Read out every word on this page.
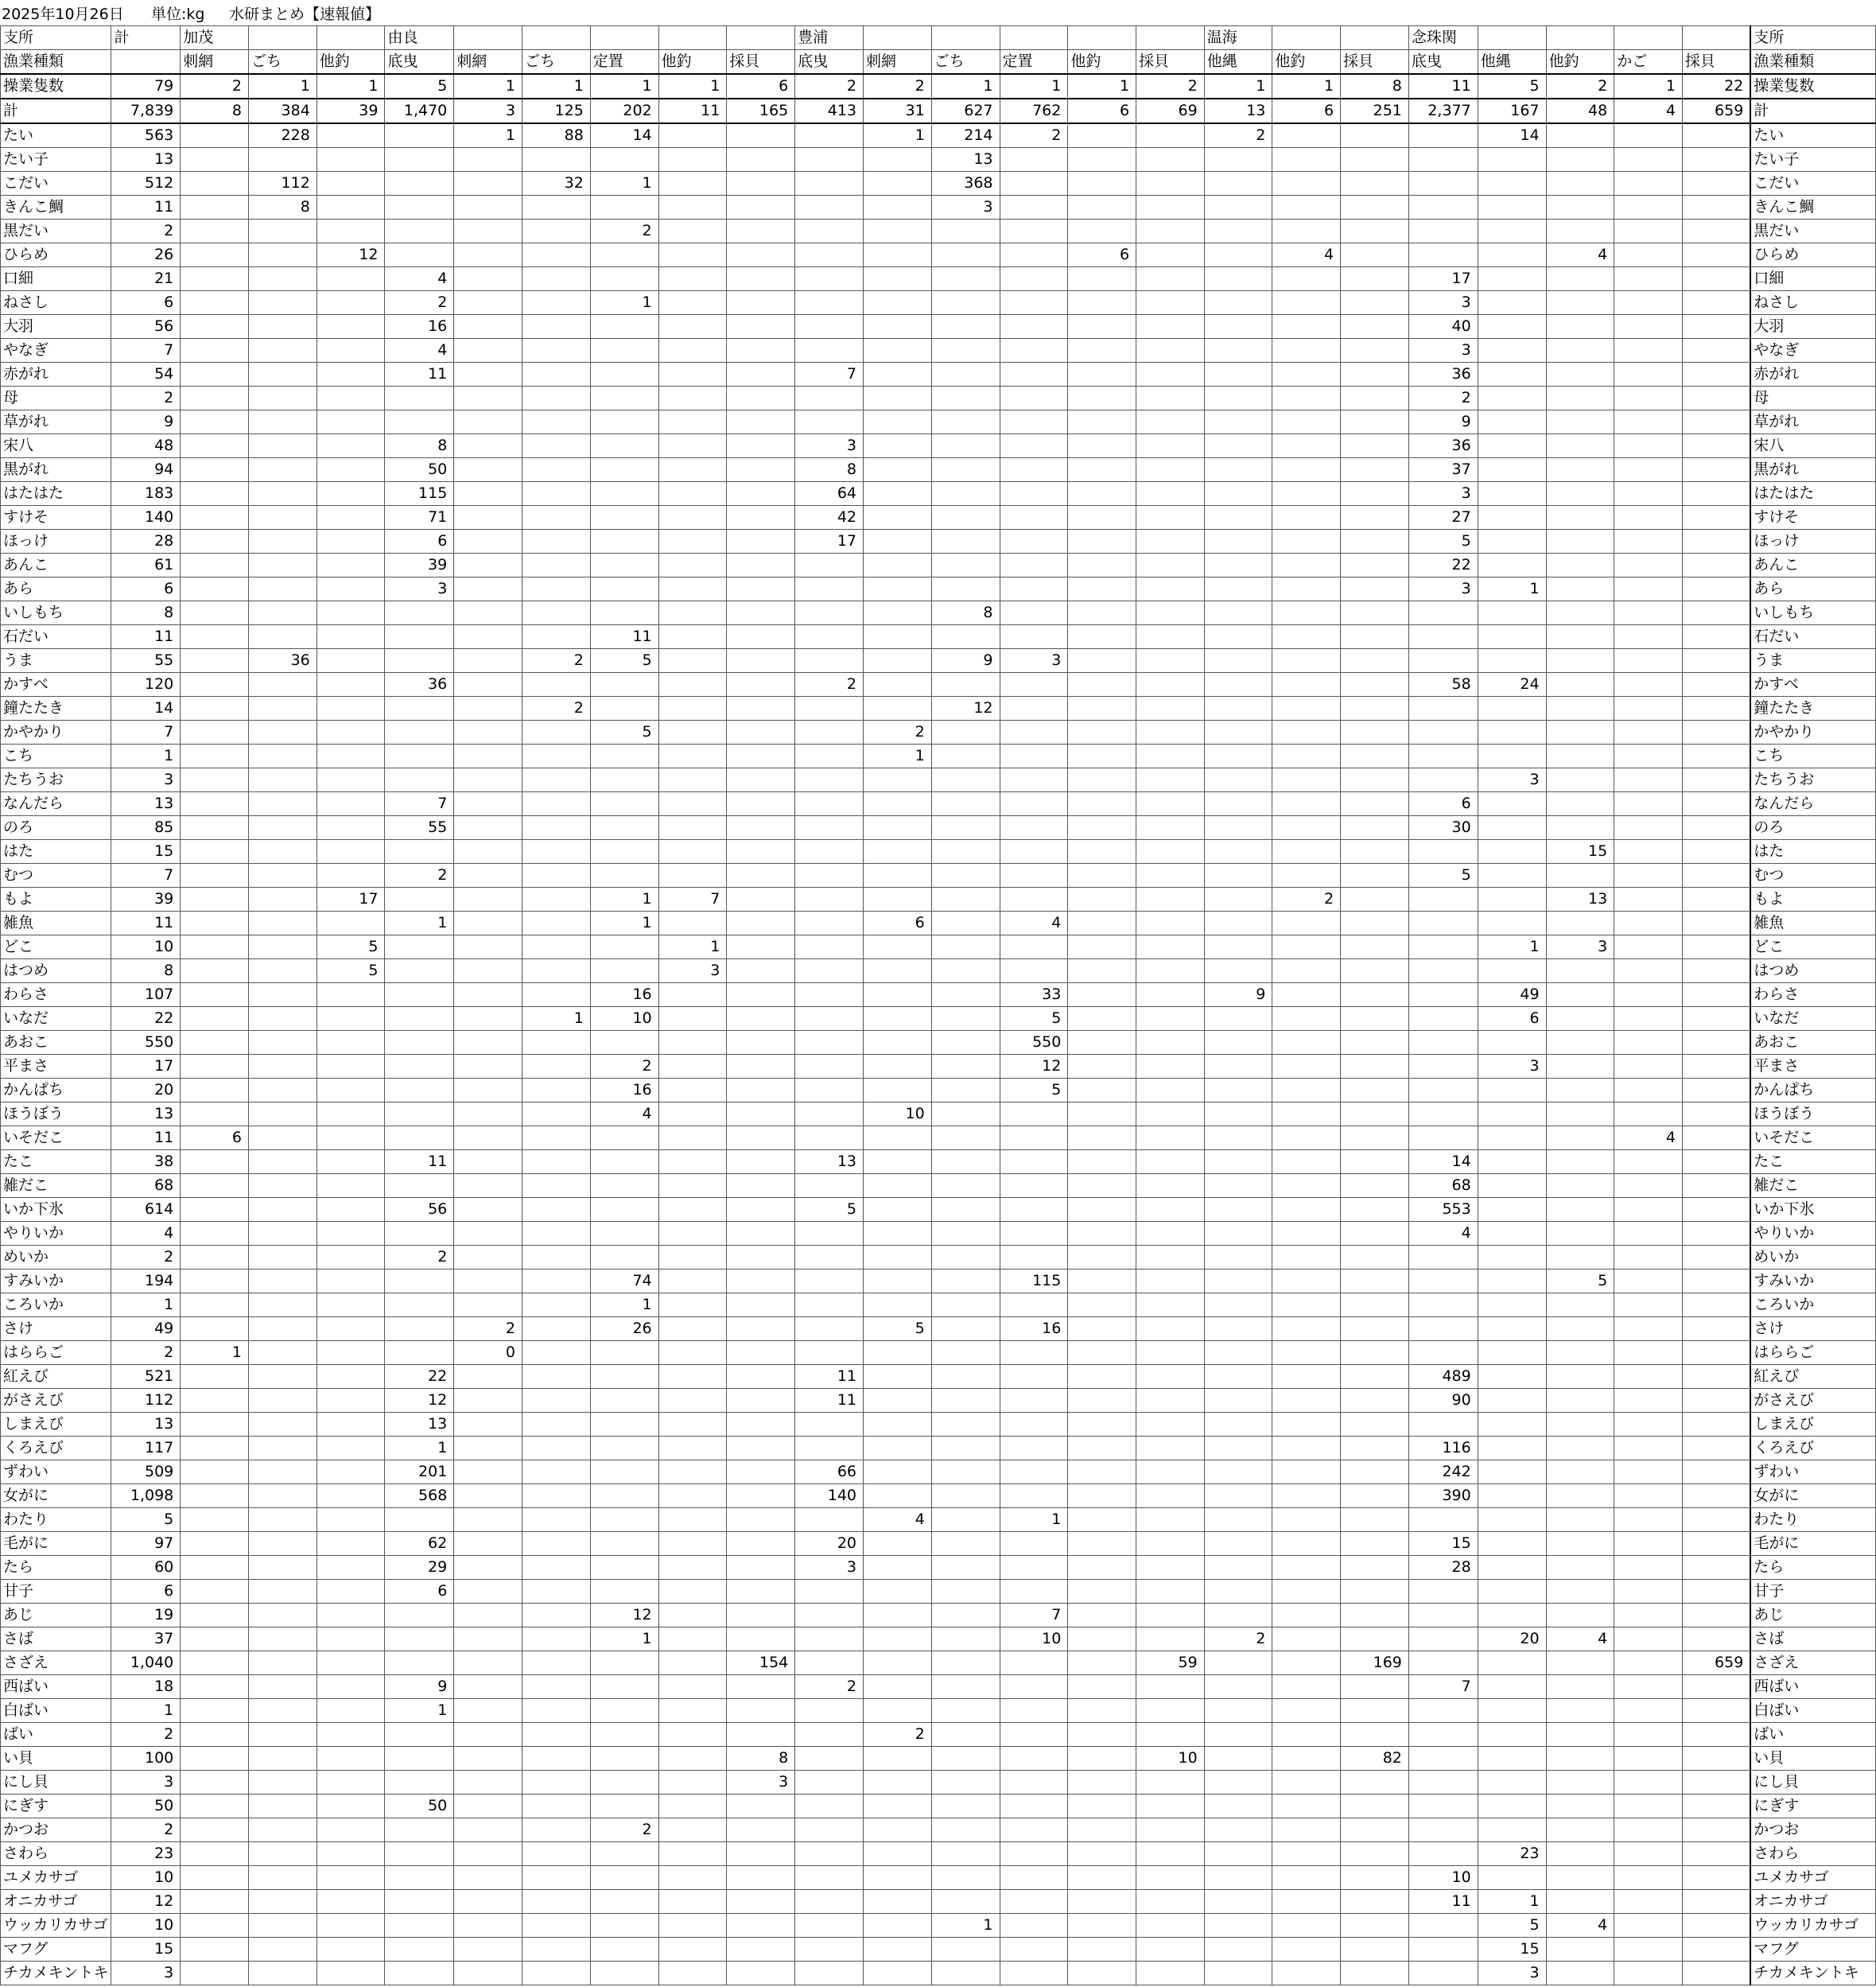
2025年10月26日 単位:kg 水研まとめ【速報値】
支所	計	加茂			由良						豊浦						温海			念珠関					支所
漁業種類		刺網	ごち	他釣	底曳	刺網	ごち	定置	他釣	採貝	底曳	刺網	ごち	定置	他釣	採貝	他縄	他釣	採貝	底曳	他縄	他釣	かご	採貝	漁業種類
操業隻数	79	2	1	1	5	1	1	1	1	6	2	2	1	1	1	2	1	1	8	11	5	2	1	22	操業隻数
計	7,839	8	384	39	1,470	3	125	202	11	165	413	31	627	762	6	69	13	6	251	2,377	167	48	4	659	計
たい	563		228			1	88	14				1	214	2			2				14				たい
たい子	13												13												たい子
こだい	512		112				32	1					368												こだい
きんこ鯛	11		8										3												きんこ鯛
黒だい	2							2																	黒だい
ひらめ	26			12											6			4				4			ひらめ
口細	21				4															17					口細
ねさし	6				2			1												3					ねさし
大羽	56				16															40					大羽
やなぎ	7				4															3					やなぎ
赤がれ	54				11						7									36					赤がれ
母	2																			2					母
草がれ	9																			9					草がれ
宋八	48				8						3									36					宋八
黒がれ	94				50						8									37					黒がれ
はたはた	183				115						64									3					はたはた
すけそ	140				71						42									27					すけそ
ほっけ	28				6						17									5					ほっけ
あんこ	61				39															22					あんこ
あら	6				3															3	1				あら
いしもち	8												8												いしもち
石だい	11							11																	石だい
うま	55		36				2	5					9	3											うま
かすべ	120				36						2									58	24				かすべ
鐘たたき	14						2						12												鐘たたき
かやかり	7							5				2													かやかり
こち	1											1													こち
たちうお	3																				3				たちうお
なんだら	13				7															6					なんだら
のろ	85				55															30					のろ
はた	15																					15			はた
むつ	7				2															5					むつ
もよ	39			17				1	7									2				13			もよ
雑魚	11				1			1				6		4											雑魚
どこ	10			5					1												1	3			どこ
はつめ	8			5					3																はつめ
わらさ	107							16						33			9				49				わらさ
いなだ	22						1	10						5							6				いなだ
あおこ	550													550											あおこ
平まさ	17							2						12							3				平まさ
かんぱち	20							16						5											かんぱち
ほうぼう	13							4				10													ほうぼう
いそだこ	11	6																					4		いそだこ
たこ	38				11						13									14					たこ
雑だこ	68																			68					雑だこ
いか下氷	614				56						5									553					いか下氷
やりいか	4																			4					やりいか
めいか	2				2																				めいか
すみいか	194							74						115								5			すみいか
ころいか	1							1																	ころいか
さけ	49					2		26				5		16											さけ
はららご	2	1				0																			はららご
紅えび	521				22						11									489					紅えび
がさえび	112				12						11									90					がさえび
しまえび	13				13																				しまえび
くろえび	117				1															116					くろえび
ずわい	509				201						66									242					ずわい
女がに	1,098				568						140									390					女がに
わたり	5											4		1											わたり
毛がに	97				62						20									15					毛がに
たら	60				29						3									28					たら
甘子	6				6																				甘子
あじ	19							12						7											あじ
さば	37							1						10			2				20	4			さば
さざえ	1,040									154						59			169					659	さざえ
西ばい	18				9						2									7					西ばい
白ばい	1				1																				白ばい
ばい	2											2													ばい
い貝	100									8						10			82						い貝
にし貝	3									3															にし貝
にぎす	50				50																				にぎす
かつお	2							2																	かつお
さわら	23																				23				さわら
ユメカサゴ	10																			10					ユメカサゴ
オニカサゴ	12																			11	1				オニカサゴ
ウッカリカサゴ	10												1								5	4			ウッカリカサゴ
マフグ	15																				15				マフグ
チカメキントキ	3																				3				チカメキントキ
